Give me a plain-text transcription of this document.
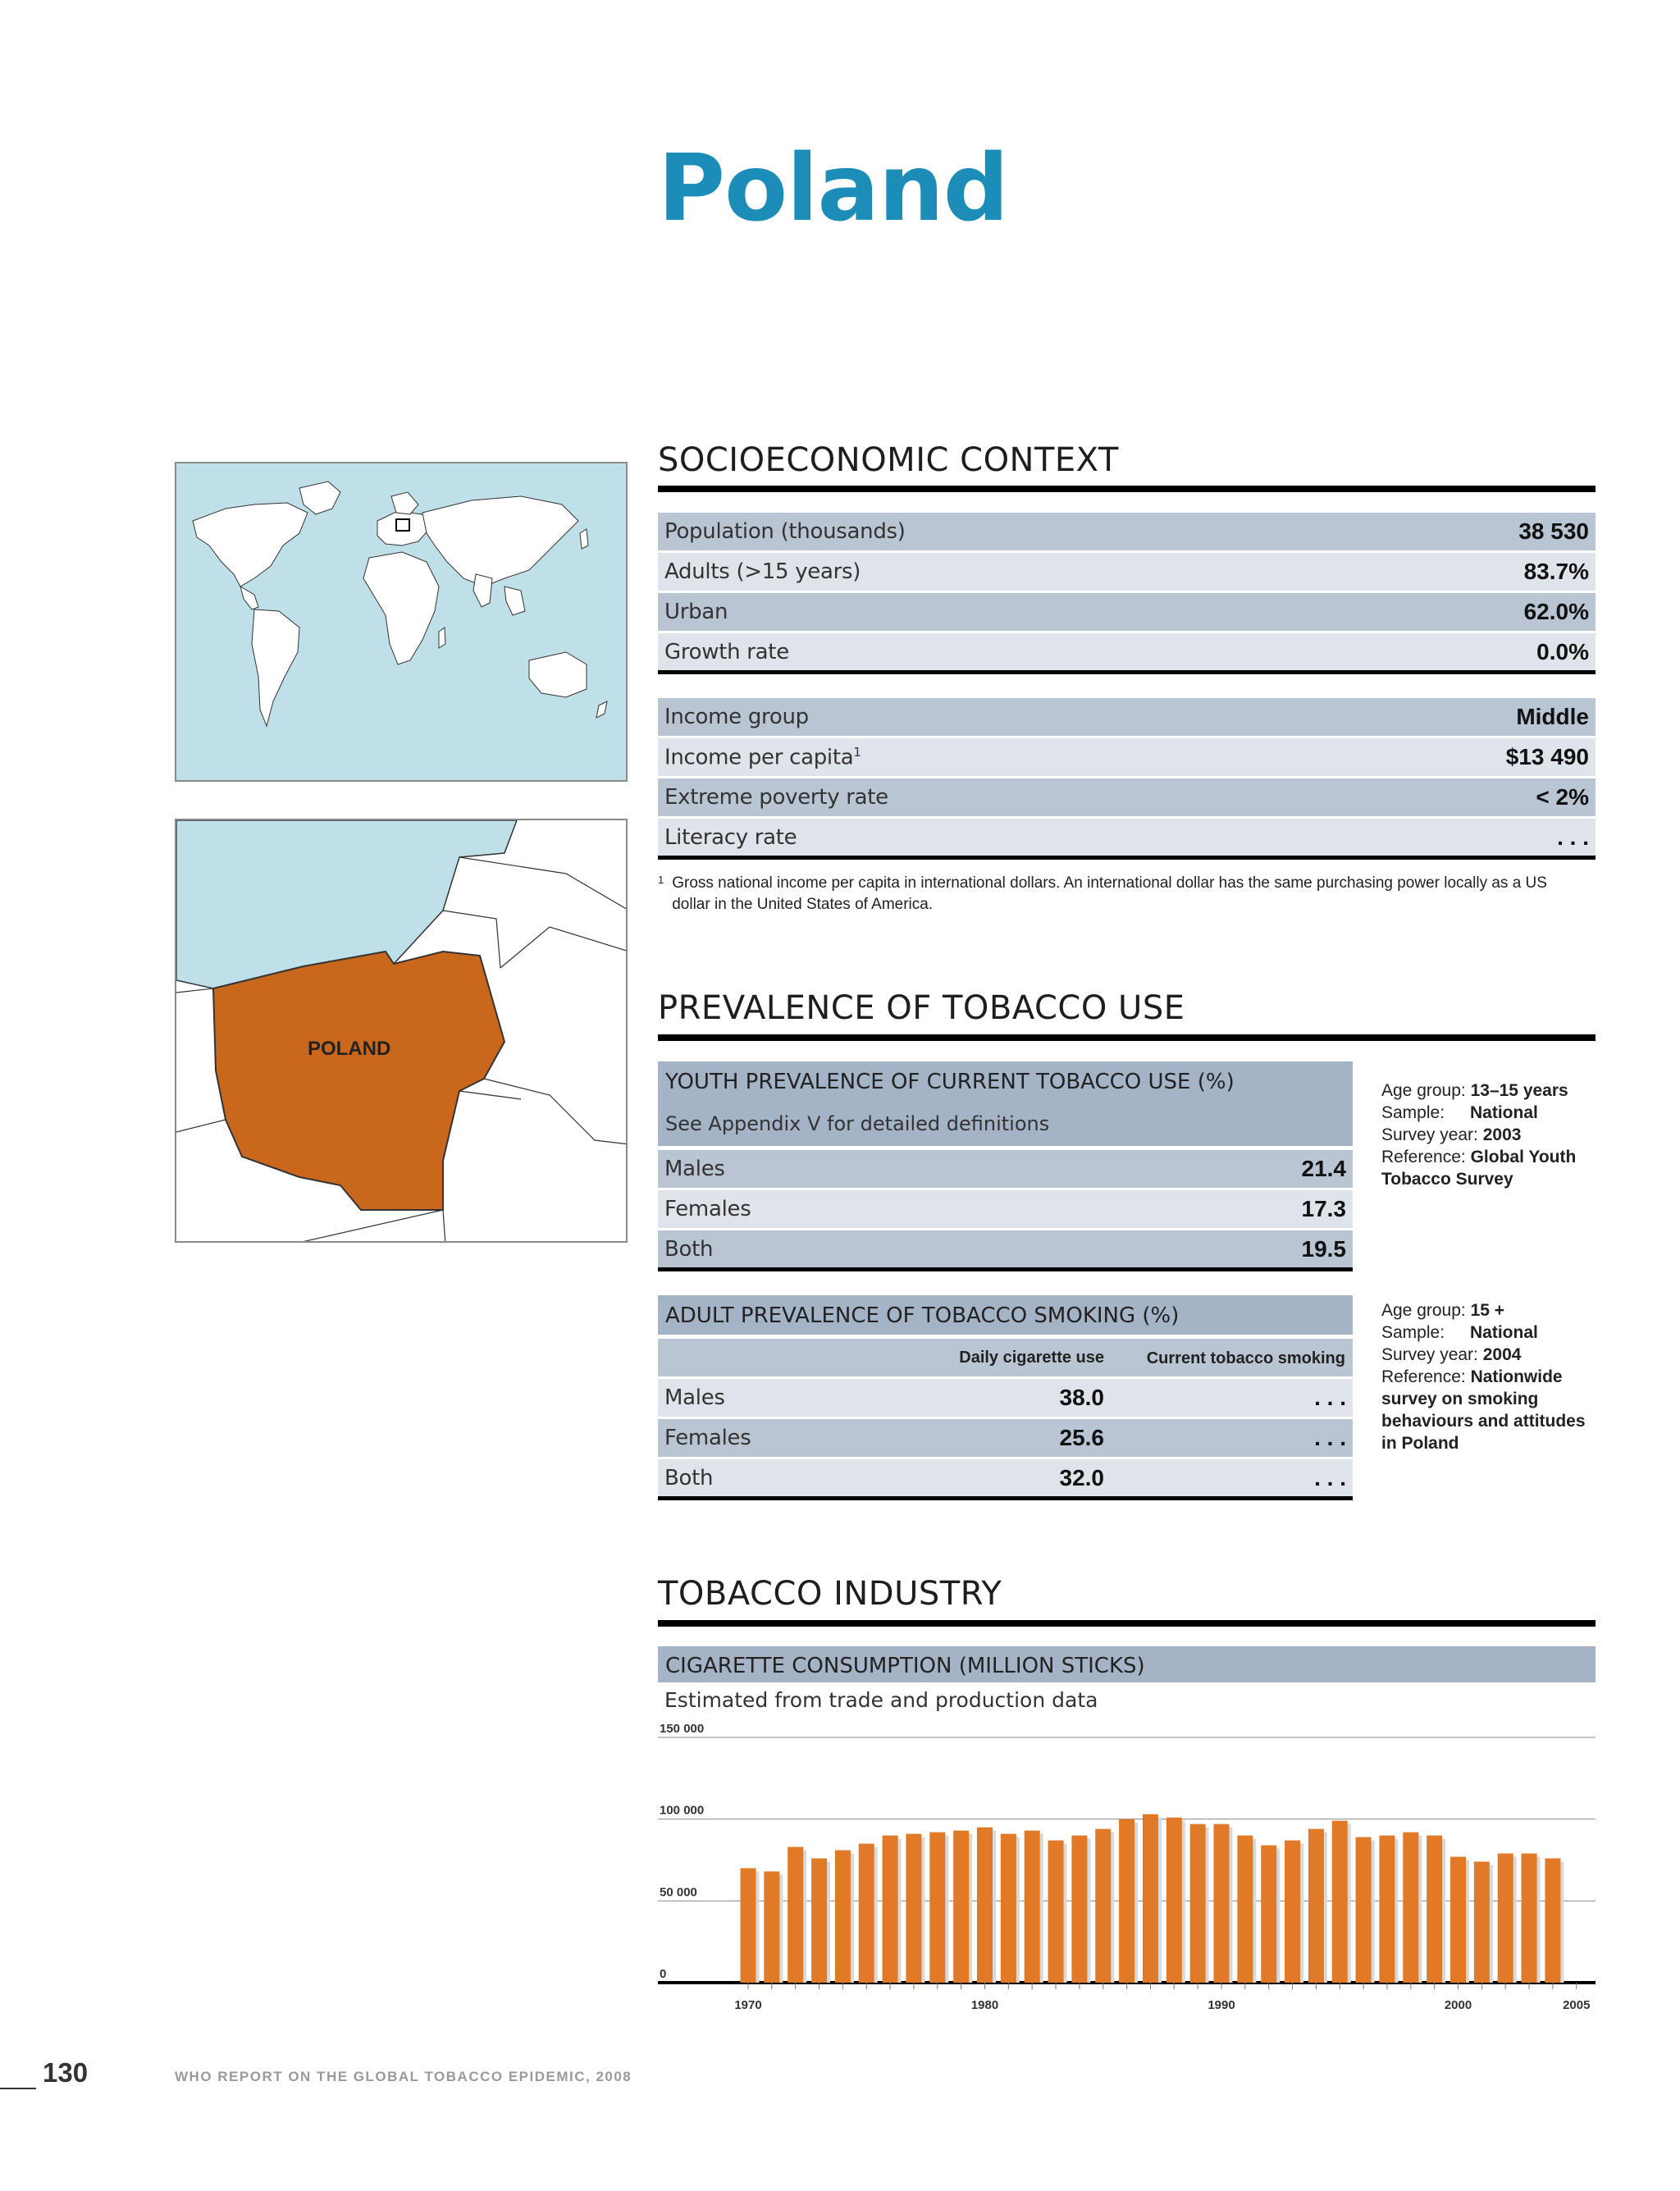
Poland
POLAND
SOCIOECONOMIC CONTEXT
Population (thousands)	38 530
Adults (>15 years)	83.7%
Urban	62.0%
Growth rate	0.0%
Income group	Middle
Income per capita$^1$	$13 490
Extreme poverty rate	< 2%
Literacy rate	. . .
1 Gross national income per capita in international dollars. An international dollar has the same purchasing power locally as a US dollar in the United States of America.
PREVALENCE OF TOBACCO USE
YOUTH PREVALENCE OF CURRENT TOBACCO USE (%)
See Appendix V for detailed definitions
Males	21.4
Females	17.3
Both	19.5
Age group: 13–15 years
Sample: National
Survey year: 2003
Reference: Global Youth Tobacco Survey
ADULT PREVALENCE OF TOBACCO SMOKING (%)
Daily cigarette use	Current tobacco smoking
Males	38.0	. . .
Females	25.6	. . .
Both	32.0	. . .
Age group: 15 +
Sample: National
Survey year: 2004
Reference: Nationwide survey on smoking behaviours and attitudes in Poland
TOBACCO INDUSTRY
CIGARETTE CONSUMPTION (MILLION STICKS)
Estimated from trade and production data
0
50 000
100 000
150 000
1970	1980	1990	2000	2005
130	WHO REPORT ON THE GLOBAL TOBACCO EPIDEMIC, 2008
